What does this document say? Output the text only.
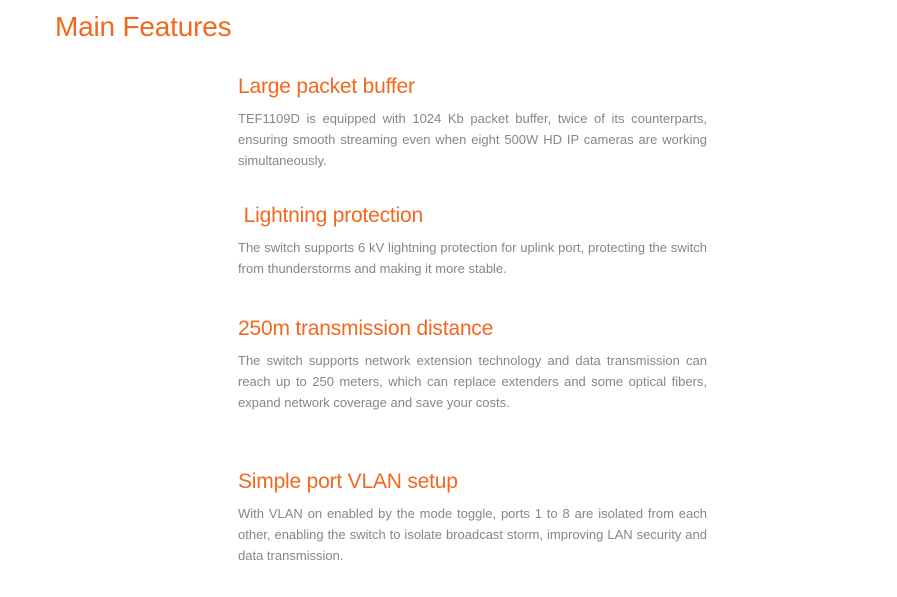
Main Features
Large packet buffer

TEF1109D is equipped with 1024 Kb packet buffer, twice of its counterparts, ensuring smooth streaming even when eight 500W HD IP cameras are working simultaneously.

Lightning protection

The switch supports 6 kV lightning protection for uplink port, protecting the switch from thunderstorms and making it more stable.

250m transmission distance

The switch supports network extension technology and data transmission can reach up to 250 meters, which can replace extenders and some optical fibers, expand network coverage and save your costs.

Simple port VLAN setup

With VLAN on enabled by the mode toggle, ports 1 to 8 are isolated from each other, enabling the switch to isolate broadcast storm, improving LAN security and data transmission.
